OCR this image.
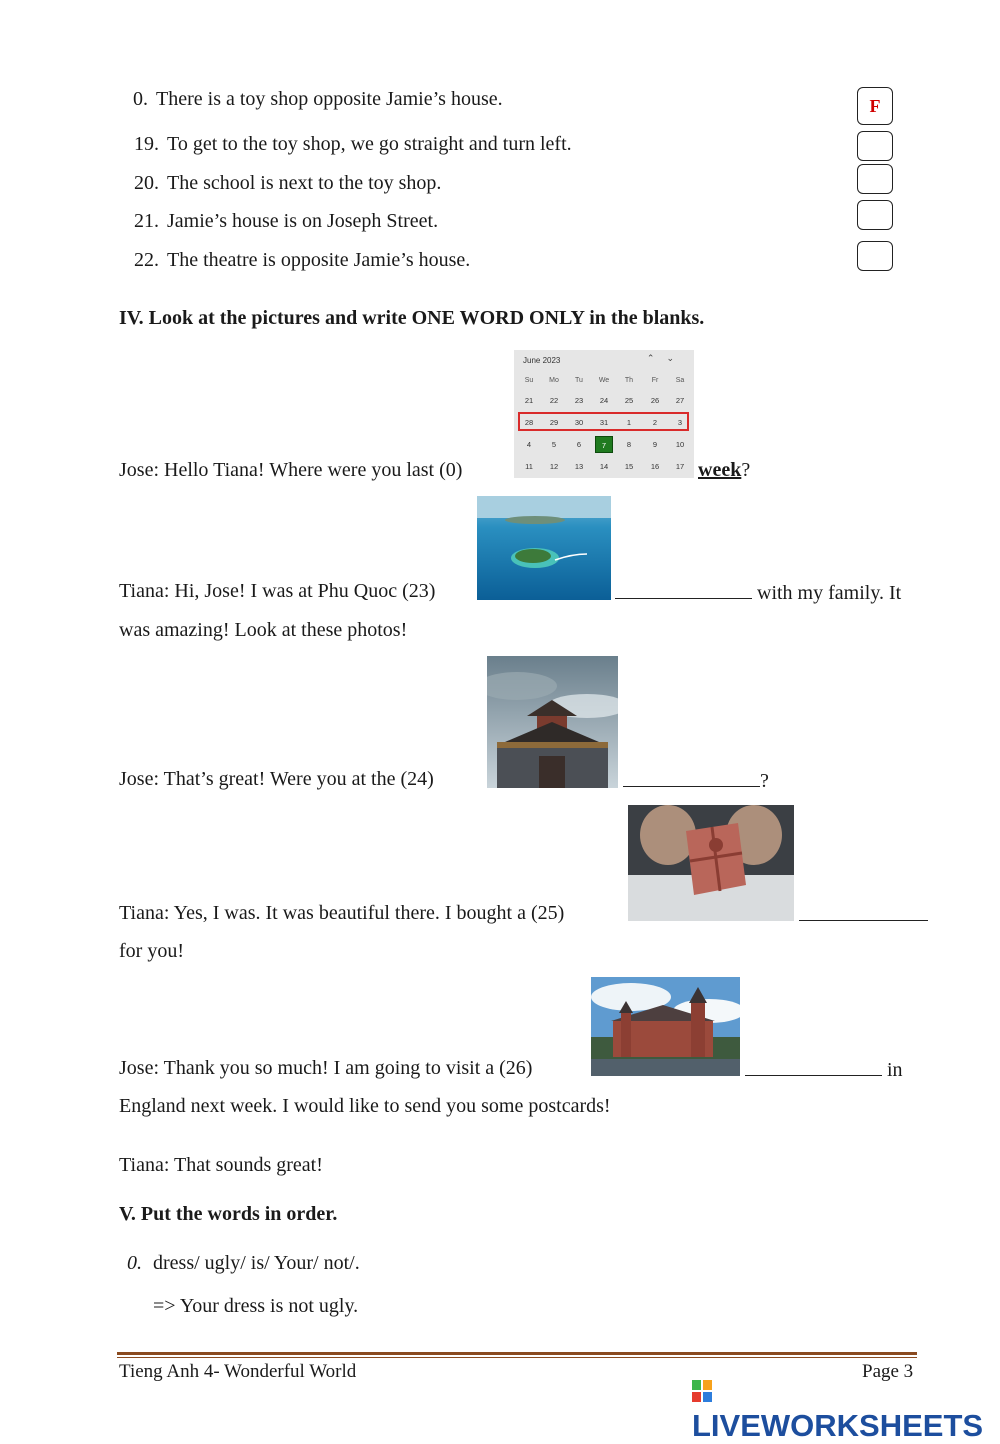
0. There is a toy shop opposite Jamie’s house.	F
19. To get to the toy shop, we go straight and turn left.
20. The school is next to the toy shop.
21. Jamie’s house is on Joseph Street.
22. The theatre is opposite Jamie’s house.
IV. Look at the pictures and write ONE WORD ONLY in the blanks.
June 2023	⌃⌄
Su	Mo	Tu	We	Th	Fr	Sa
21	22	23	24	25	26	27
28	29	30	31	1	2	3
4	5	6	7	8	9	10
11	12	13	14	15	16	17
Jose: Hello Tiana! Where were you last (0)	week?
Tiana: Hi, Jose! I was at Phu Quoc (23)	with my family. It
was amazing! Look at these photos!
Jose: That’s great! Were you at the (24)	?
Tiana: Yes, I was. It was beautiful there. I bought a (25)
for you!
Jose: Thank you so much! I am going to visit a (26)	in
England next week. I would like to send you some postcards!
Tiana: That sounds great!
V. Put the words in order.
0. dress/ ugly/ is/ Your/ not/.
=> Your dress is not ugly.
Tieng Anh 4- Wonderful World	Page 3
LIVEWORKSHEETS
